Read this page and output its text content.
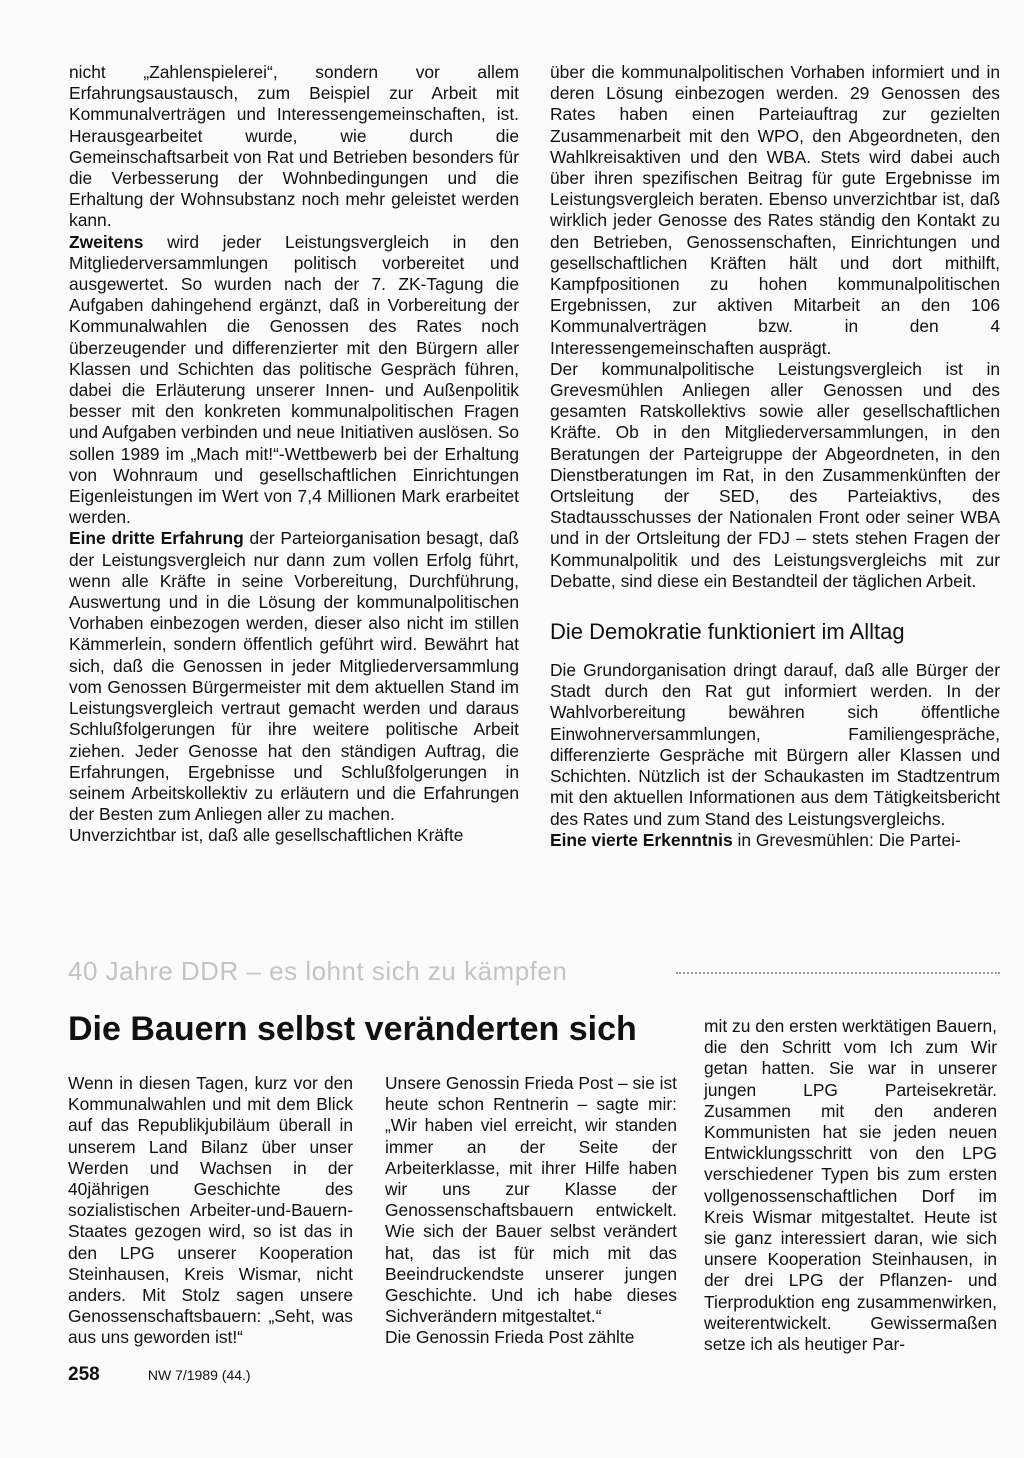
nicht „Zahlenspielerei“, sondern vor allem Erfahrungsaustausch, zum Beispiel zur Arbeit mit Kommunalverträgen und Interessengemeinschaften, ist. Herausgearbeitet wurde, wie durch die Gemeinschaftsarbeit von Rat und Betrieben besonders für die Verbesserung der Wohnbedingungen und die Erhaltung der Wohnsubstanz noch mehr geleistet werden kann.

Zweitens wird jeder Leistungsvergleich in den Mitgliederversammlungen politisch vorbereitet und ausgewertet. So wurden nach der 7. ZK-Tagung die Aufgaben dahingehend ergänzt, daß in Vorbereitung der Kommunalwahlen die Genossen des Rates noch überzeugender und differenzierter mit den Bürgern aller Klassen und Schichten das politische Gespräch führen, dabei die Erläuterung unserer Innen- und Außenpolitik besser mit den konkreten kommunalpolitischen Fragen und Aufgaben verbinden und neue Initiativen auslösen. So sollen 1989 im „Mach mit!“-Wettbewerb bei der Erhaltung von Wohnraum und gesellschaftlichen Einrichtungen Eigenleistungen im Wert von 7,4 Millionen Mark erarbeitet werden.

Eine dritte Erfahrung der Parteiorganisation besagt, daß der Leistungsvergleich nur dann zum vollen Erfolg führt, wenn alle Kräfte in seine Vorbereitung, Durchführung, Auswertung und in die Lösung der kommunalpolitischen Vorhaben einbezogen werden, dieser also nicht im stillen Kämmerlein, sondern öffentlich geführt wird. Bewährt hat sich, daß die Genossen in jeder Mitgliederversammlung vom Genossen Bürgermeister mit dem aktuellen Stand im Leistungsvergleich vertraut gemacht werden und daraus Schlußfolgerungen für ihre weitere politische Arbeit ziehen. Jeder Genosse hat den ständigen Auftrag, die Erfahrungen, Ergebnisse und Schlußfolgerungen in seinem Arbeitskollektiv zu erläutern und die Erfahrungen der Besten zum Anliegen aller zu machen.

Unverzichtbar ist, daß alle gesellschaftlichen Kräfte

über die kommunalpolitischen Vorhaben informiert und in deren Lösung einbezogen werden. 29 Genossen des Rates haben einen Parteiauftrag zur gezielten Zusammenarbeit mit den WPO, den Abgeordneten, den Wahlkreisaktiven und den WBA. Stets wird dabei auch über ihren spezifischen Beitrag für gute Ergebnisse im Leistungsvergleich beraten. Ebenso unverzichtbar ist, daß wirklich jeder Genosse des Rates ständig den Kontakt zu den Betrieben, Genossenschaften, Einrichtungen und gesellschaftlichen Kräften hält und dort mithilft, Kampfpositionen zu hohen kommunalpolitischen Ergebnissen, zur aktiven Mitarbeit an den 106 Kommunalverträgen bzw. in den 4 Interessengemeinschaften ausprägt.

Der kommunalpolitische Leistungsvergleich ist in Grevesmühlen Anliegen aller Genossen und des gesamten Ratskollektivs sowie aller gesellschaftlichen Kräfte. Ob in den Mitgliederversammlungen, in den Beratungen der Parteigruppe der Abgeordneten, in den Dienstberatungen im Rat, in den Zusammenkünften der Ortsleitung der SED, des Parteiaktivs, des Stadtausschusses der Nationalen Front oder seiner WBA und in der Ortsleitung der FDJ – stets stehen Fragen der Kommunalpolitik und des Leistungsvergleichs mit zur Debatte, sind diese ein Bestandteil der täglichen Arbeit.

Die Demokratie funktioniert im Alltag

Die Grundorganisation dringt darauf, daß alle Bürger der Stadt durch den Rat gut informiert werden. In der Wahlvorbereitung bewähren sich öffentliche Einwohnerversammlungen, Familiengespräche, differenzierte Gespräche mit Bürgern aller Klassen und Schichten. Nützlich ist der Schaukasten im Stadtzentrum mit den aktuellen Informationen aus dem Tätigkeitsbericht des Rates und zum Stand des Leistungsvergleichs.

Eine vierte Erkenntnis in Grevesmühlen: Die Partei-

40 Jahre DDR – es lohnt sich zu kämpfen
Die Bauern selbst veränderten sich

Wenn in diesen Tagen, kurz vor den Kommunalwahlen und mit dem Blick auf das Republikjubiläum überall in unserem Land Bilanz über unser Werden und Wachsen in der 40jährigen Geschichte des sozialistischen Arbeiter-und-Bauern-Staates gezogen wird, so ist das in den LPG unserer Kooperation Steinhausen, Kreis Wismar, nicht anders. Mit Stolz sagen unsere Genossenschaftsbauern: „Seht, was aus uns geworden ist!“

Unsere Genossin Frieda Post – sie ist heute schon Rentnerin – sagte mir: „Wir haben viel erreicht, wir standen immer an der Seite der Arbeiterklasse, mit ihrer Hilfe haben wir uns zur Klasse der Genossenschaftsbauern entwickelt. Wie sich der Bauer selbst verändert hat, das ist für mich mit das Beeindruckendste unserer jungen Geschichte. Und ich habe dieses Sichverändern mitgestaltet.“

Die Genossin Frieda Post zählte

mit zu den ersten werktätigen Bauern, die den Schritt vom Ich zum Wir getan hatten. Sie war in unserer jungen LPG Parteisekretär. Zusammen mit den anderen Kommunisten hat sie jeden neuen Entwicklungsschritt von den LPG verschiedener Typen bis zum ersten vollgenossenschaftlichen Dorf im Kreis Wismar mitgestaltet. Heute ist sie ganz interessiert daran, wie sich unsere Kooperation Steinhausen, in der drei LPG der Pflanzen- und Tierproduktion eng zusammenwirken, weiterentwickelt. Gewissermaßen setze ich als heutiger Par-

258	NW 7/1989 (44.)
